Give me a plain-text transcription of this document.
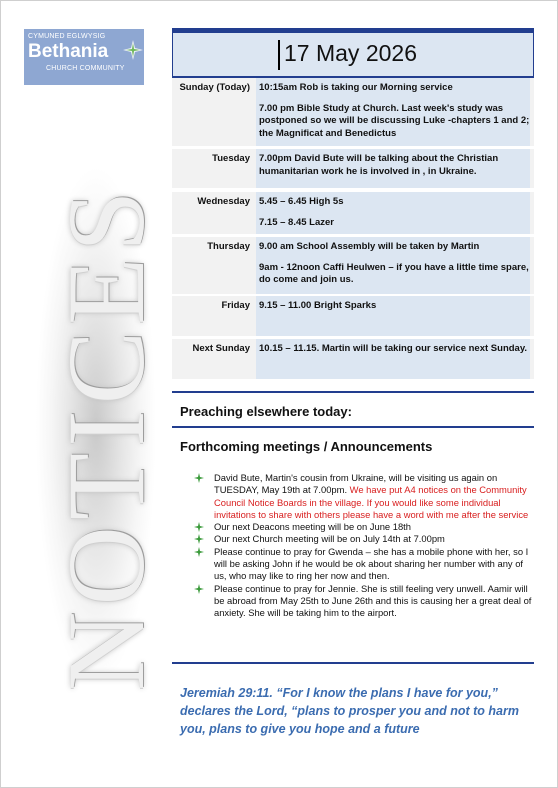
NOTICES
CYMUNED EGLWYSIG
Bethania
CHURCH COMMUNITY
17 May 2026
Sunday (Today) 10:15am Rob is taking our Morning service

7.00 pm Bible Study at Church. Last week's study was postponed so we will be discussing Luke -chapters 1 and 2; the Magnificat and Benedictus

Tuesday 7.00pm David Bute will be talking about the Christian humanitarian work he is involved in , in Ukraine.

Wednesday 5.45 – 6.45 High 5s

7.15 – 8.45 Lazer

Thursday 9.00 am School Assembly will be taken by Martin

9am - 12noon Caffi Heulwen – if you have a little time spare, do come and join us.

Friday 9.15 – 11.00 Bright Sparks

Next Sunday 10.15 – 11.15. Martin will be taking our service next Sunday.

Preaching elsewhere today:
Forthcoming meetings / Announcements
David Bute, Martin's cousin from Ukraine, will be visiting us again on TUESDAY, May 19th at 7.00pm. We have put A4 notices on the Community Council Notice Boards in the village. If you would like some individual invitations to share with others please have a word with me after the service
Our next Deacons meeting will be on June 18th
Our next Church meeting will be on July 14th at 7.00pm
Please continue to pray for Gwenda – she has a mobile phone with her, so I will be asking John if he would be ok about sharing her number with any of us, who may like to ring her now and then.
Please continue to pray for Jennie. She is still feeling very unwell. Aamir will be abroad from May 25th to June 26th and this is causing her a great deal of anxiety. She will be taking him to the airport.
Jeremiah 29:11. “For I know the plans I have for you,” declares the Lord, “plans to prosper you and not to harm you, plans to give you hope and a future
